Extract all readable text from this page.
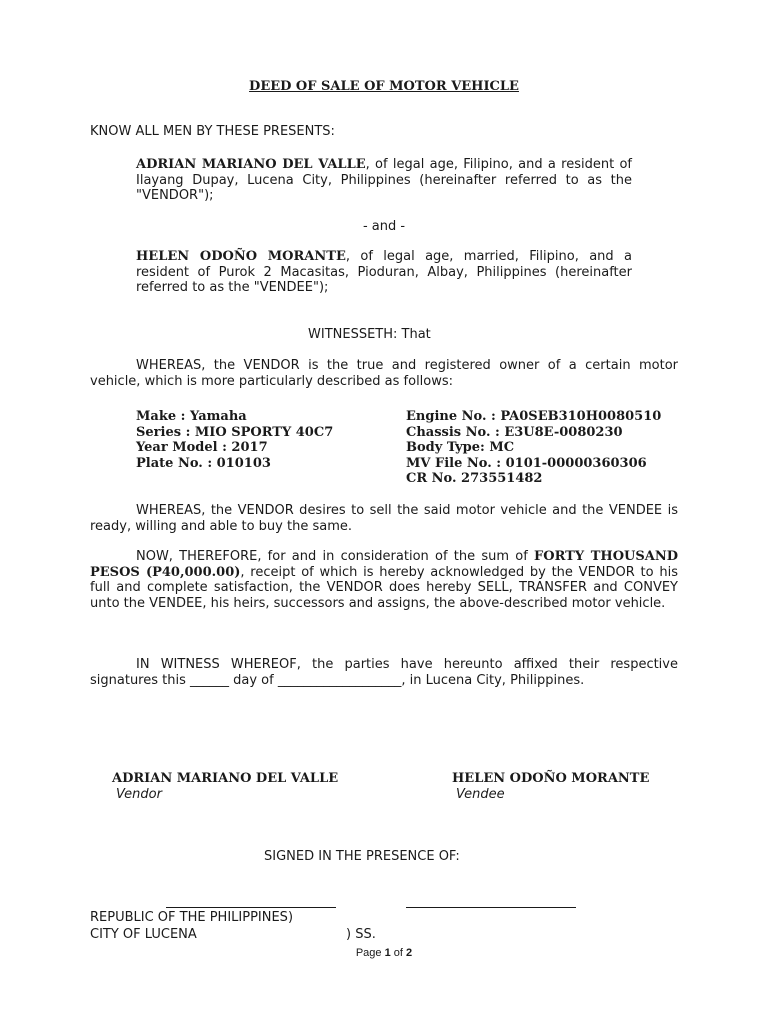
DEED OF SALE OF MOTOR VEHICLE
KNOW ALL MEN BY THESE PRESENTS:
ADRIAN MARIANO DEL VALLE, of legal age, Filipino, and a resident of Ilayang Dupay, Lucena City, Philippines (hereinafter referred to as the "VENDOR");
- and -
HELEN ODOÑO MORANTE, of legal age, married, Filipino, and a resident of Purok 2 Macasitas, Pioduran, Albay, Philippines (hereinafter referred to as the "VENDEE");
WITNESSETH: That
WHEREAS, the VENDOR is the true and registered owner of a certain motor vehicle, which is more particularly described as follows:
Make : Yamaha
Series : MIO SPORTY 40C7
Year Model : 2017
Plate No. : 010103
Engine No. : PA0SEB310H0080510
Chassis No. : E3U8E-0080230
Body Type: MC
MV File No. : 0101-00000360306
CR No. 273551482
WHEREAS, the VENDOR desires to sell the said motor vehicle and the VENDEE is ready, willing and able to buy the same.
NOW, THEREFORE, for and in consideration of the sum of FORTY THOUSAND PESOS (P40,000.00), receipt of which is hereby acknowledged by the VENDOR to his full and complete satisfaction, the VENDOR does hereby SELL, TRANSFER and CONVEY unto the VENDEE, his heirs, successors and assigns, the above-described motor vehicle.
IN WITNESS WHEREOF, the parties have hereunto affixed their respective signatures this ______ day of ___________________, in Lucena City, Philippines.
ADRIAN MARIANO DEL VALLE
Vendor
HELEN ODOÑO MORANTE
Vendee
SIGNED IN THE PRESENCE OF:
REPUBLIC OF THE PHILIPPINES)
CITY OF LUCENA	) SS.
Page 1 of 2
